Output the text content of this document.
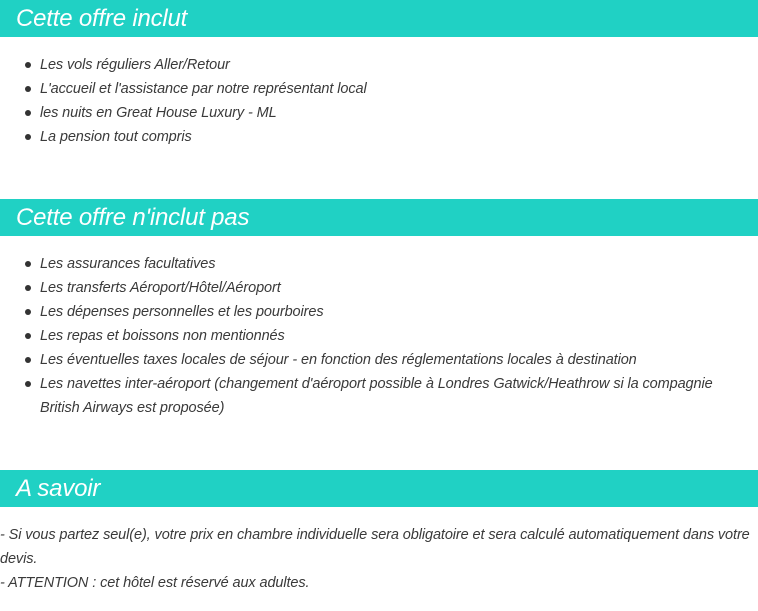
Cette offre inclut
Les vols réguliers Aller/Retour
L'accueil et l'assistance par notre représentant local
les nuits en Great House Luxury - ML
La pension tout compris
Cette offre n'inclut pas
Les assurances facultatives
Les transferts Aéroport/Hôtel/Aéroport
Les dépenses personnelles et les pourboires
Les repas et boissons non mentionnés
Les éventuelles taxes locales de séjour - en fonction des réglementations locales à destination
Les navettes inter-aéroport (changement d'aéroport possible à Londres Gatwick/Heathrow si la compagnie British Airways est proposée)
A savoir

- Si vous partez seul(e), votre prix en chambre individuelle sera obligatoire et sera calculé automatiquement dans votre devis.

- ATTENTION : cet hôtel est réservé aux adultes.
